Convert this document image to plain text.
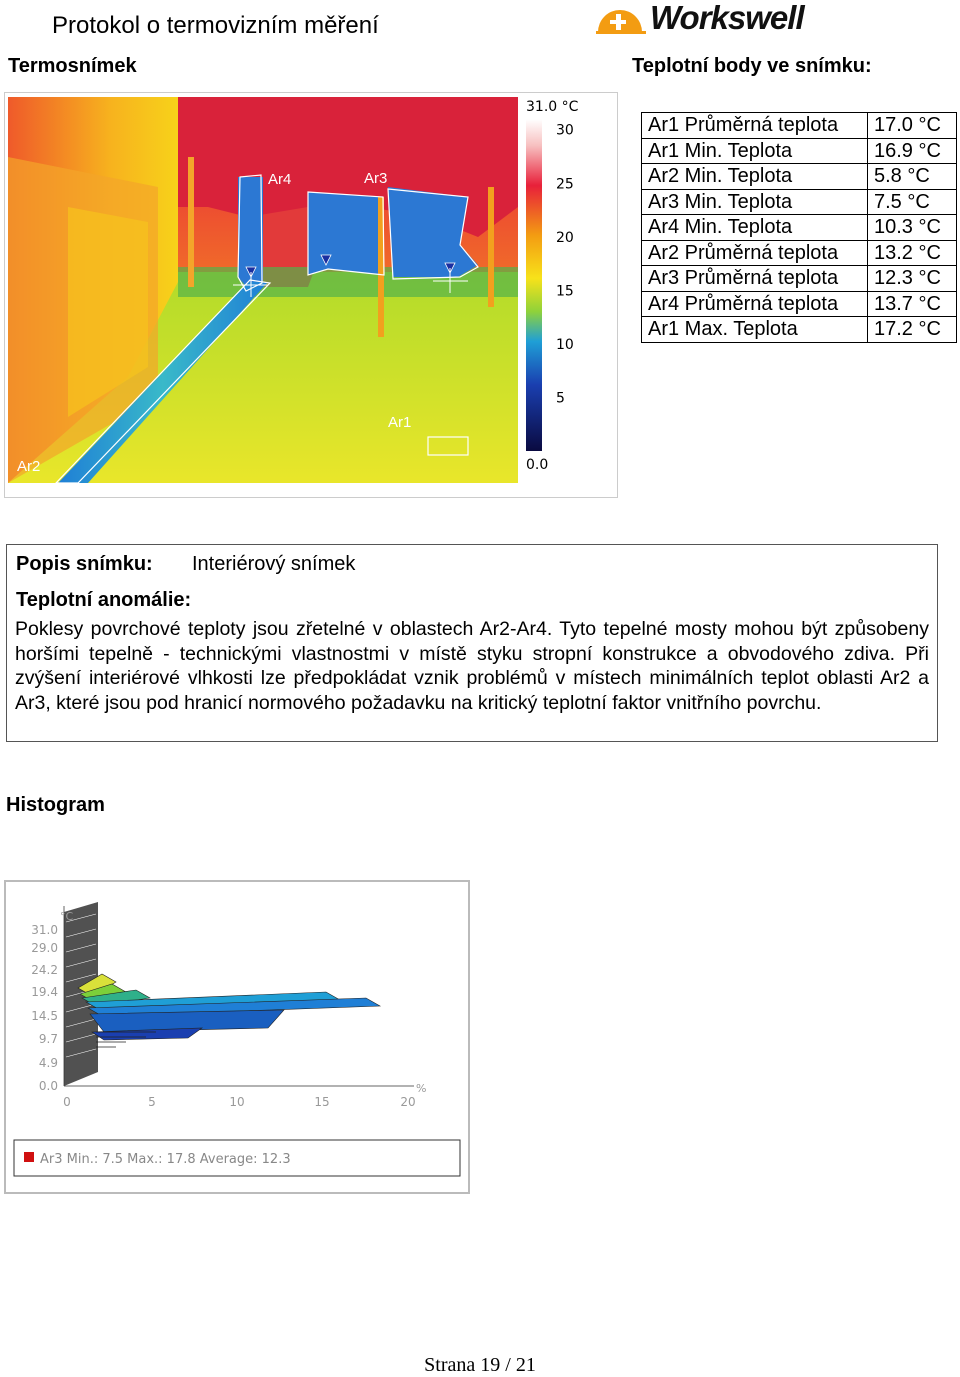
Protokol o termovizním měření	Workswell
Termosnímek	Teplotní body ve snímku:
Ar4	Ar3
Ar1
Ar2
31.0 °C
0.0
30
25
20
15
10
5
Ar1 Průměrná teplota	17.0 °C
Ar1 Min. Teplota	16.9 °C
Ar2 Min. Teplota	5.8 °C
Ar3 Min. Teplota	7.5 °C
Ar4 Min. Teplota	10.3 °C
Ar2 Průměrná teplota	13.2 °C
Ar3 Průměrná teplota	12.3 °C
Ar4 Průměrná teplota	13.7 °C
Ar1 Max. Teplota	17.2 °C
Popis snímku: Interiérový snímek
Teplotní anomálie:
Poklesy povrchové teploty jsou zřetelné v oblastech Ar2-Ar4. Tyto tepelné mosty mohou být způsobeny horšími tepelně - technickými vlastnostmi v místě styku stropní konstrukce a obvodového zdiva. Při zvýšení interiérové vlhkosti lze předpokládat vznik problémů v místech minimálních teplot oblasti Ar2 a Ar3, které jsou pod hranicí normového požadavku na kritický teplotní faktor vnitřního povrchu.
Histogram
°C
%
31.0
29.0
24.2
19.4
14.5
9.7
4.9
0.0
0	5	10	15	20
Ar3 Min.: 7.5 Max.: 17.8 Average: 12.3
Strana 19 / 21
